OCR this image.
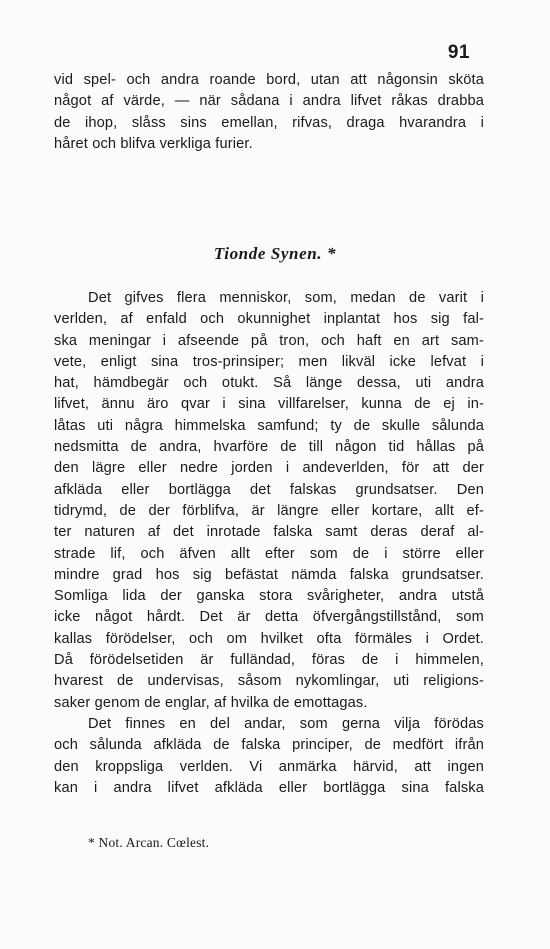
91
vid spel- och andra roande bord, utan att någonsin sköta
något af värde, — när sådana i andra lifvet råkas drabba
de ihop, slåss sins emellan, rifvas, draga hvarandra i
håret och blifva verkliga furier.
Tionde Synen. *
Det gifves flera menniskor, som, medan de varit i
verlden, af enfald och okunnighet inplantat hos sig fal-
ska meningar i afseende på tron, och haft en art sam-
vete, enligt sina tros-prinsiper; men likväl icke lefvat i
hat, hämdbegär och otukt. Så länge dessa, uti andra
lifvet, ännu äro qvar i sina villfarelser, kunna de ej in-
låtas uti några himmelska samfund; ty de skulle sålunda
nedsmitta de andra, hvarföre de till någon tid hållas på
den lägre eller nedre jorden i andeverlden, för att der
afkläda eller bortlägga det falskas grundsatser. Den
tidrymd, de der förblifva, är längre eller kortare, allt ef-
ter naturen af det inrotade falska samt deras deraf al-
strade lif, och äfven allt efter som de i större eller
mindre grad hos sig befästat nämda falska grundsatser.
Somliga lida der ganska stora svårigheter, andra utstå
icke något hårdt. Det är detta öfvergångstillstånd, som
kallas förödelser, och om hvilket ofta förmäles i Ordet.
Då förödelsetiden är fulländad, föras de i himmelen,
hvarest de undervisas, såsom nykomlingar, uti religions-
saker genom de englar, af hvilka de emottagas.
Det finnes en del andar, som gerna vilja förödas
och sålunda afkläda de falska principer, de medfört ifrån
den kroppsliga verlden. Vi anmärka härvid, att ingen
kan i andra lifvet afkläda eller bortlägga sina falska
* Not. Arcan. Cœlest.
